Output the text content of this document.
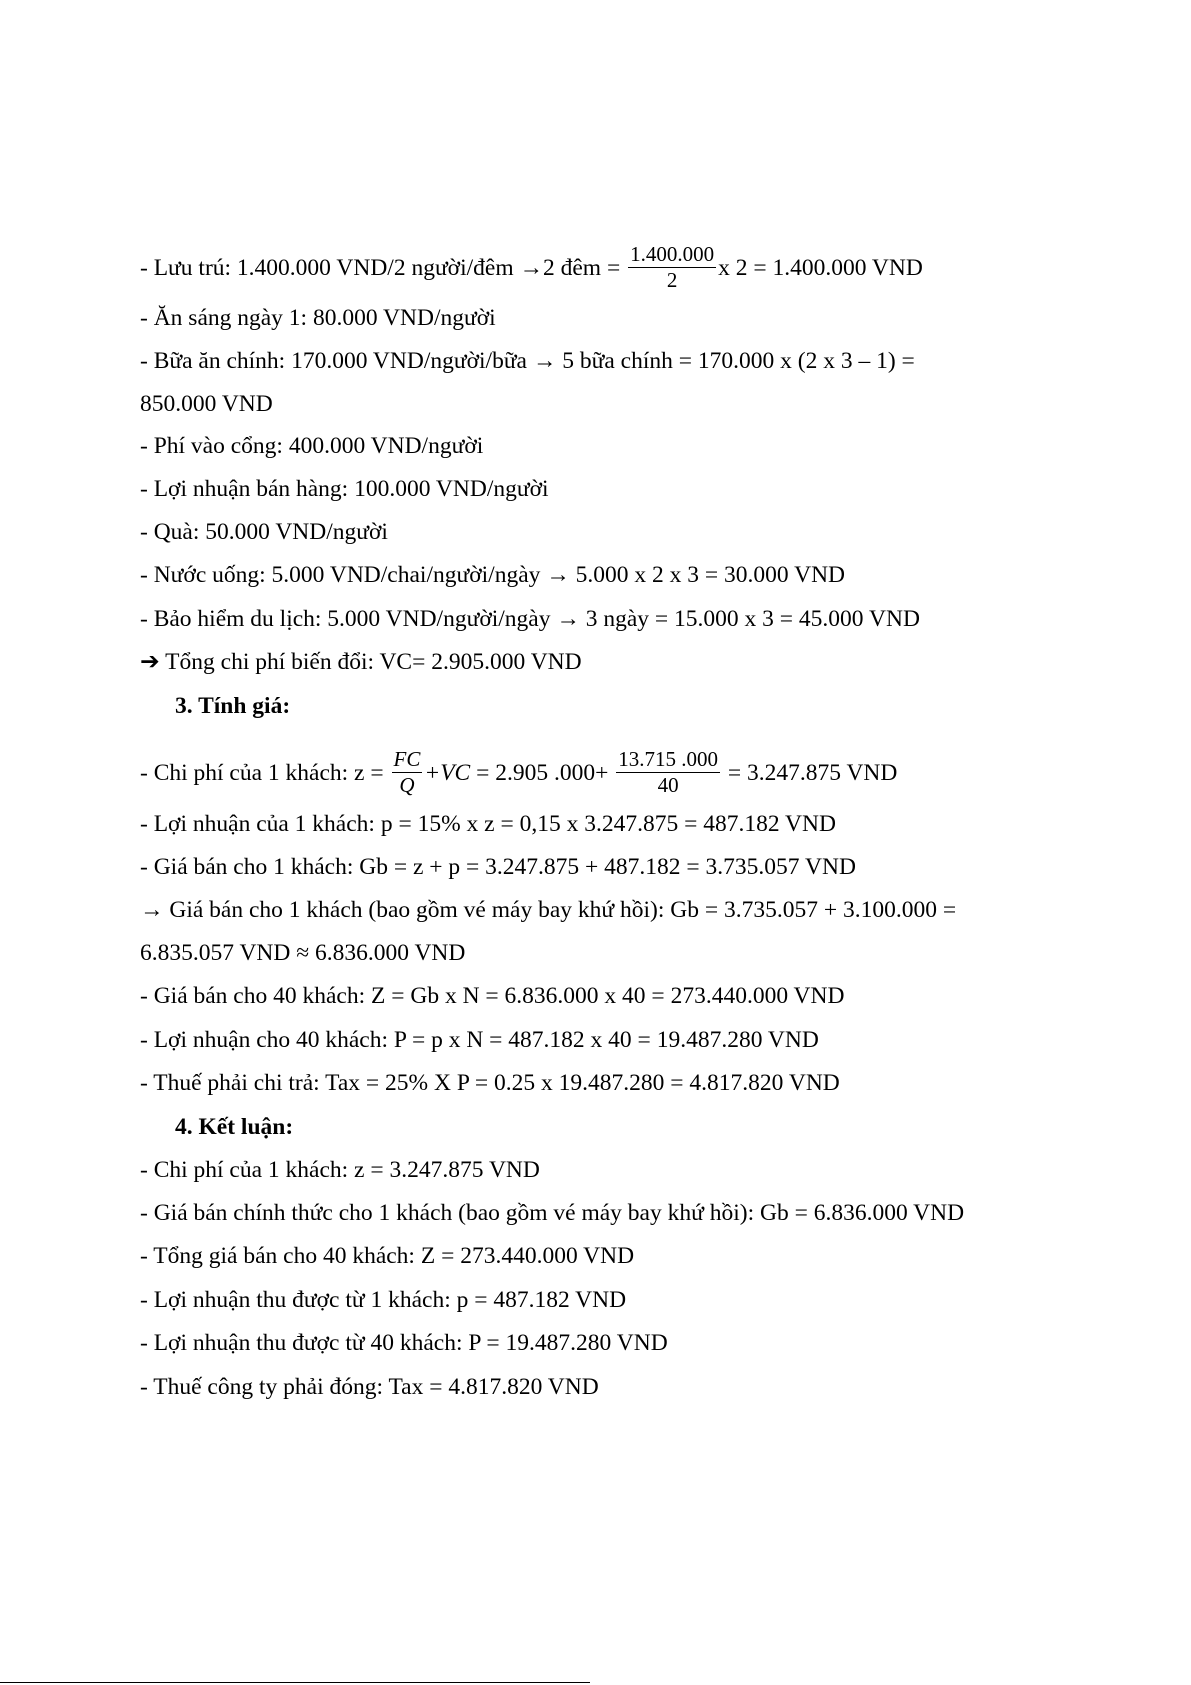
- Lưu trú: 1.400.000 VND/2 người/đêm →2 đêm = $\frac{1.400.000}{2}$ x 2 = 1.400.000 VND
- Ăn sáng ngày 1: 80.000 VND/người
- Bữa ăn chính: 170.000 VND/người/bữa → 5 bữa chính = 170.000 x (2 x 3 – 1) =
850.000 VND
- Phí vào cổng: 400.000 VND/người
- Lợi nhuận bán hàng: 100.000 VND/người
- Quà: 50.000 VND/người
- Nước uống: 5.000 VND/chai/người/ngày → 5.000 x 2 x 3 = 30.000 VND
- Bảo hiểm du lịch: 5.000 VND/người/ngày → 3 ngày = 15.000 x 3 = 45.000 VND
➔ Tổng chi phí biến đổi: VC= 2.905.000 VND
3. Tính giá:
- Chi phí của 1 khách: $z = \frac{FC}{Q} +VC = 2.905$ $.000+ \frac{13.715 .000}{40} = 3.247.875$ VND
- Lợi nhuận của 1 khách: p = 15% x z = 0,15 x 3.247.875 = 487.182 VND
- Giá bán cho 1 khách: Gb = z + p = 3.247.875 + 487.182 = 3.735.057 VND
→ Giá bán cho 1 khách (bao gồm vé máy bay khứ hồi): Gb = 3.735.057 + 3.100.000 =
6.835.057 VND ≈ 6.836.000 VND
- Giá bán cho 40 khách: Z = Gb x N = 6.836.000 x 40 = 273.440.000 VND
- Lợi nhuận cho 40 khách: P = p x N = 487.182 x 40 = 19.487.280 VND
- Thuế phải chi trả: Tax = 25% X P = 0.25 x 19.487.280 = 4.817.820 VND
4. Kết luận:
- Chi phí của 1 khách: z = 3.247.875 VND
- Giá bán chính thức cho 1 khách (bao gồm vé máy bay khứ hồi): Gb = 6.836.000 VND
- Tổng giá bán cho 40 khách: Z = 273.440.000 VND
- Lợi nhuận thu được từ 1 khách: p = 487.182 VND
- Lợi nhuận thu được từ 40 khách: P = 19.487.280 VND
- Thuế công ty phải đóng: Tax = 4.817.820 VND
